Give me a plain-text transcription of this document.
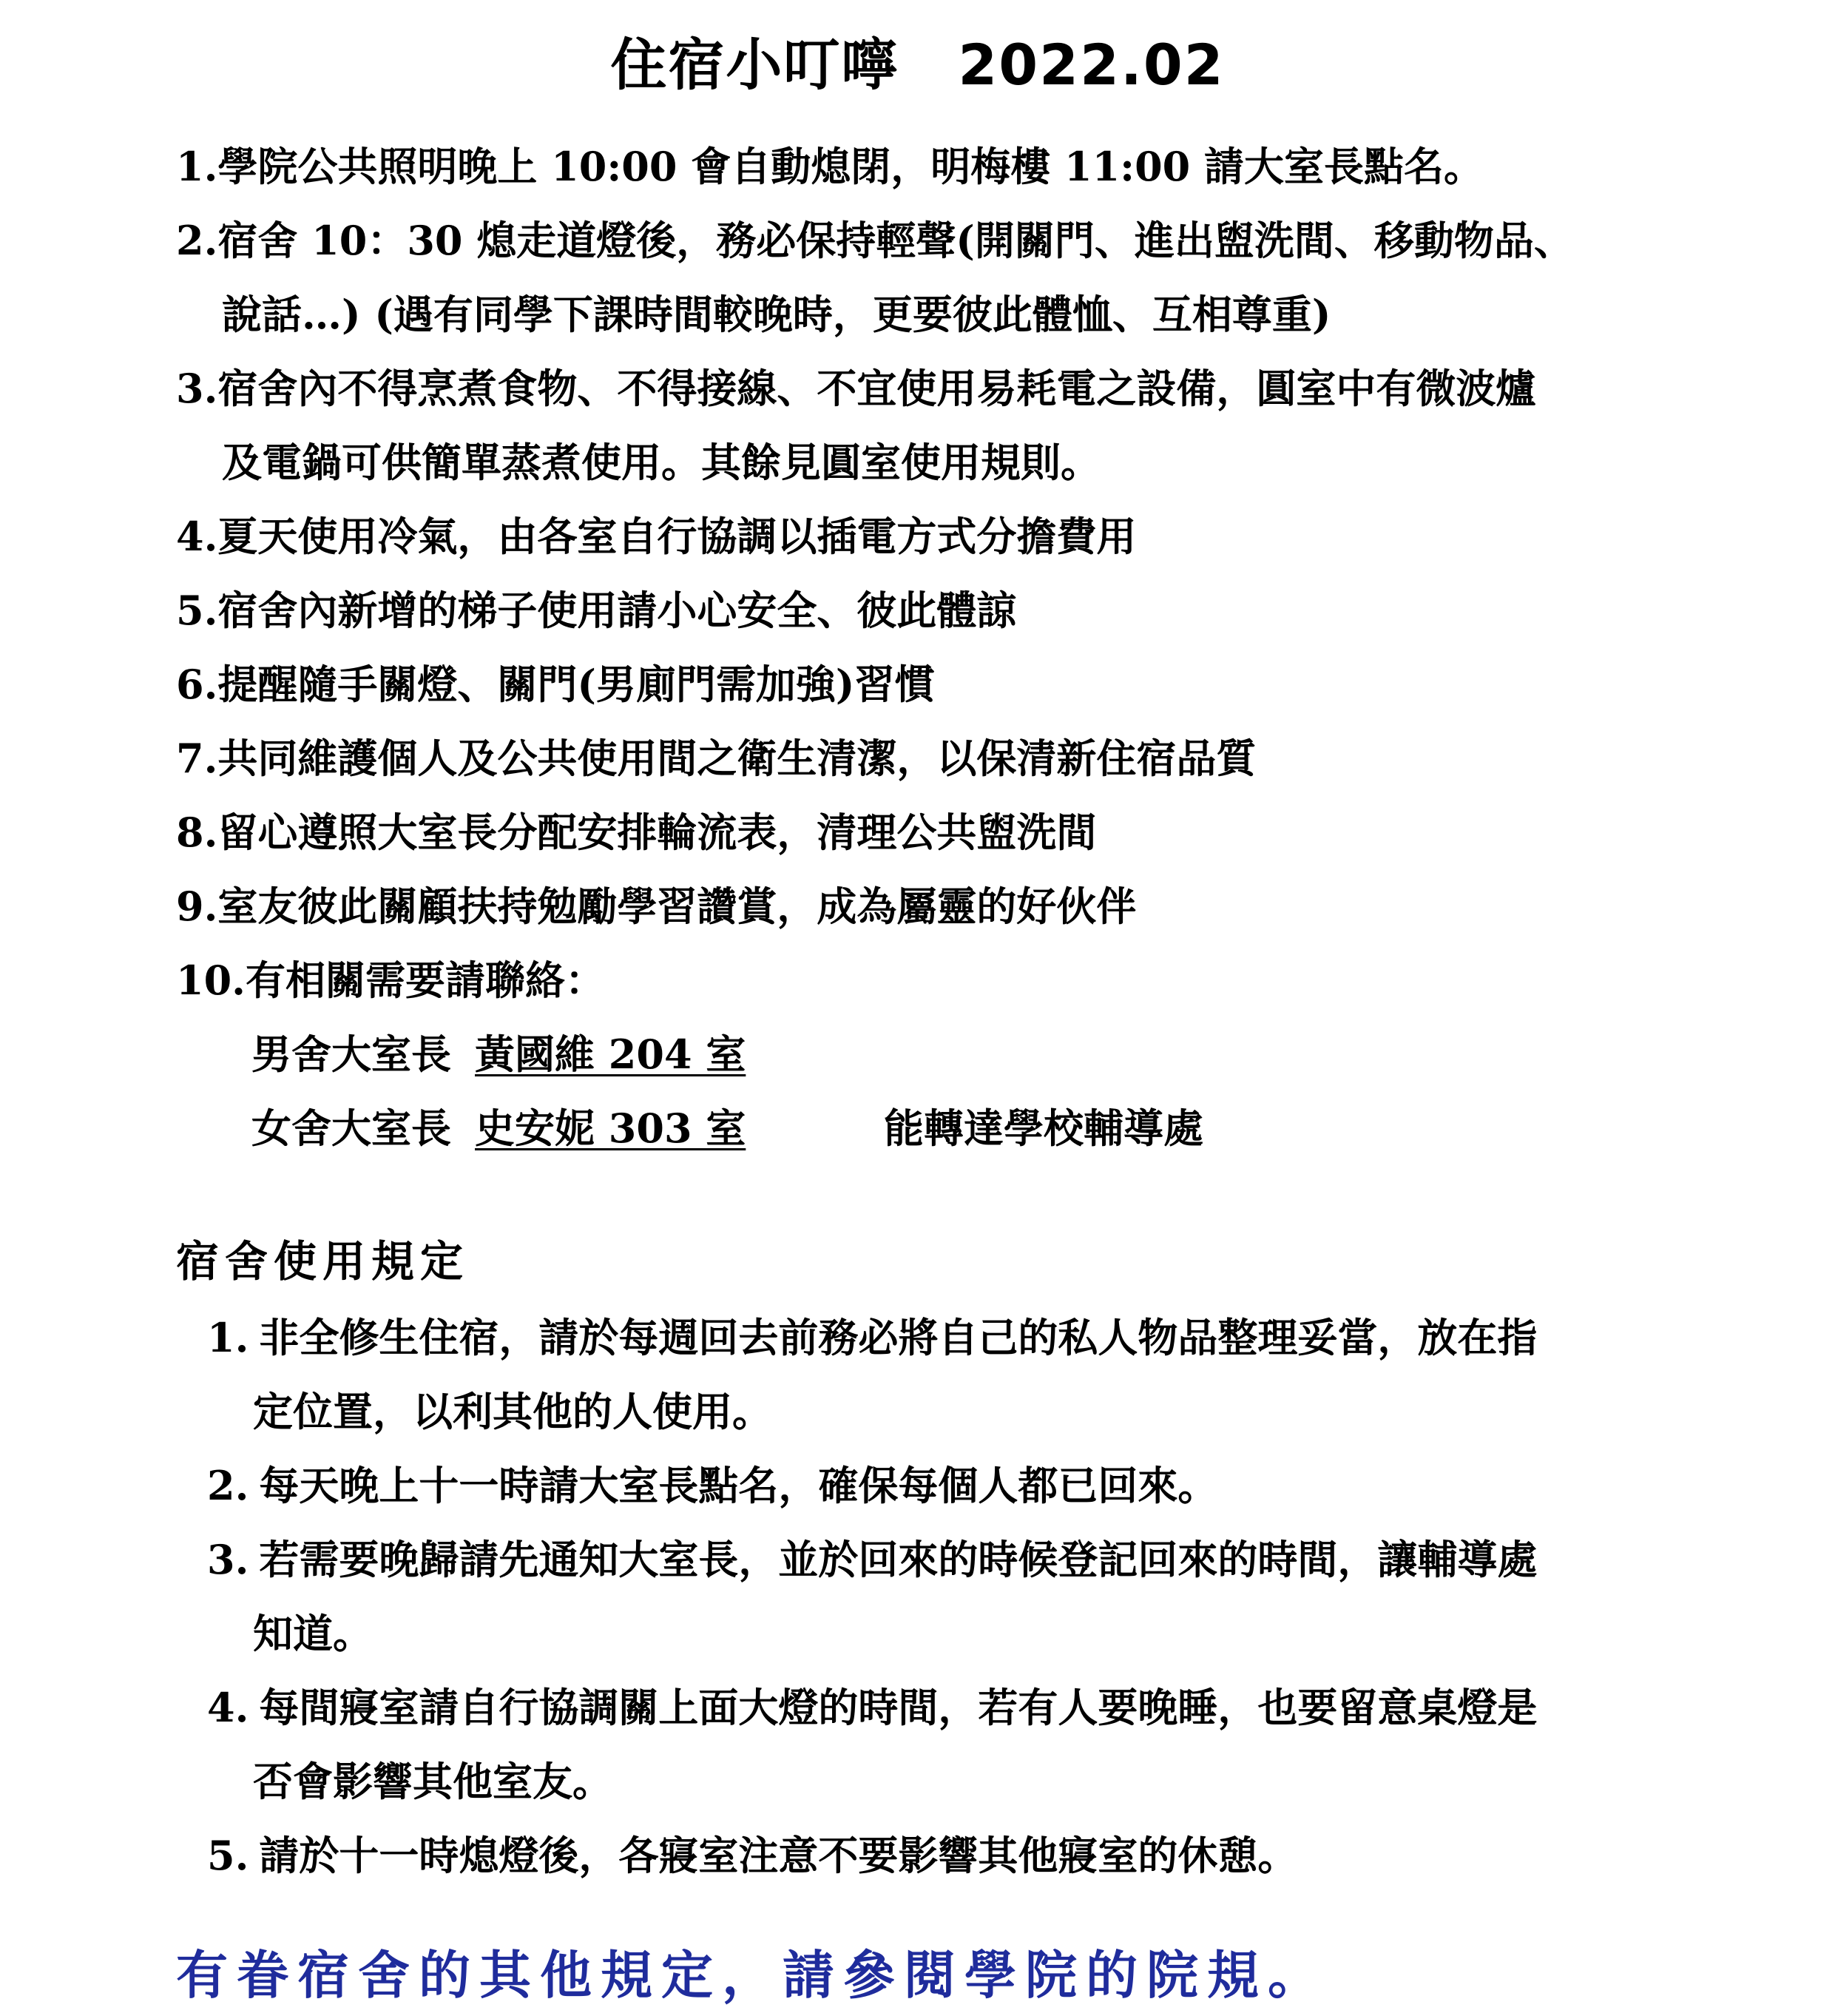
住宿小叮嚀 2022.02
1.學院公共照明晚上 10:00 會自動熄閉，明梅樓 11:00 請大室長點名。
2.宿舍 10：30 熄走道燈後，務必保持輕聲(開關門、進出盥洗間、移動物品、
說話…) (遇有同學下課時間較晚時，更要彼此體恤、互相尊重)
3.宿舍內不得烹煮食物、不得接線、不宜使用易耗電之設備，圓室中有微波爐
及電鍋可供簡單蒸煮使用。其餘見圓室使用規則。
4.夏天使用冷氣，由各室自行協調以插電方式分擔費用
5.宿舍內新增的梯子使用請小心安全、彼此體諒
6.提醒隨手關燈、關門(男廁門需加強)習慣
7.共同維護個人及公共使用間之衛生清潔，以保清新住宿品質
8.留心遵照大室長分配安排輪流表，清理公共盥洗間
9.室友彼此關顧扶持勉勵學習讚賞，成為屬靈的好伙伴
10.有相關需要請聯絡：
男舍大室長 黃國維 204 室
女舍大室長 史安妮 303 室	能轉達學校輔導處
宿舍使用規定
1. 非全修生住宿，請於每週回去前務必將自己的私人物品整理妥當，放在指
定位置，以利其他的人使用。
2. 每天晚上十一時請大室長點名，確保每個人都已回來。
3. 若需要晚歸請先通知大室長，並於回來的時候登記回來的時間，讓輔導處
知道。
4. 每間寢室請自行協調關上面大燈的時間，若有人要晚睡，也要留意桌燈是
否會影響其他室友。
5. 請於十一時熄燈後，各寢室注意不要影響其他寢室的休憩。
有眷宿舍的其他規定，請參閱學院的院規。
